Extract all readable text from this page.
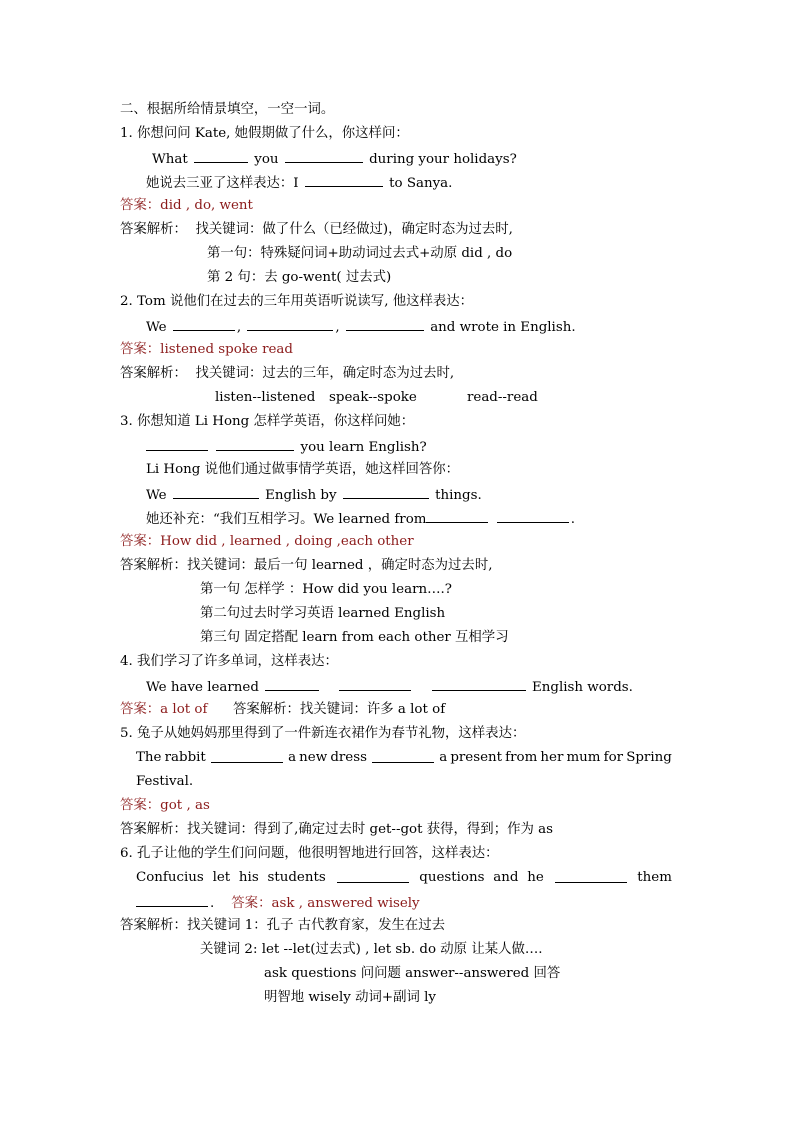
二、根据所给情景填空，一空一词。
1. 你想问问 Kate, 她假期做了什么，你这样问：
What	you	during your holidays?
她说去三亚了这样表达：I	to Sanya.
答案：did , do, went
答案解析： 找关键词：做了什么（已经做过)，确定时态为过去时,
第一句：特殊疑问词+助动词过去式+动原 did , do
第 2 句：去 go-went( 过去式)
2. Tom 说他们在过去的三年用英语听说读写, 他这样表达：
We	,	,	and wrote in English.
答案：listened spoke read
答案解析： 找关键词：过去的三年，确定时态为过去时,
listen--listened speak--spoke	read--read
3. 你想知道 Li Hong 怎样学英语，你这样问她：
you learn English?
Li Hong 说他们通过做事情学英语，她这样回答你：
We	English by	things.
她还补充：“我们互相学习。We learned from	.
答案：How did , learned , doing ,each other
答案解析：找关键词：最后一句 learned ，确定时态为过去时,
第一句 怎样学 ：How did you learn….?
第二句过去时学习英语 learned English
第三句 固定搭配 learn from each other 互相学习
4. 我们学习了许多单词，这样表达：
We have learned	English words.
答案：a lot of 答案解析：找关键词：许多 a lot of
5. 兔子从她妈妈那里得到了一件新连衣裙作为春节礼物，这样表达：
The rabbit	a new dress	a present from her mum for Spring
Festival.
答案：got , as
答案解析：找关键词：得到了,确定过去时 get--got 获得，得到；作为 as
6. 孔子让他的学生们问问题，他很明智地进行回答，这样表达：
Confucius let his students	questions and he	them
. 答案：ask , answered wisely
答案解析：找关键词 1：孔子 古代教育家，发生在过去
关键词 2: let --let(过去式) , let sb. do 动原 让某人做….
ask questions 问问题 answer--answered 回答
明智地 wisely 动词+副词 ly
